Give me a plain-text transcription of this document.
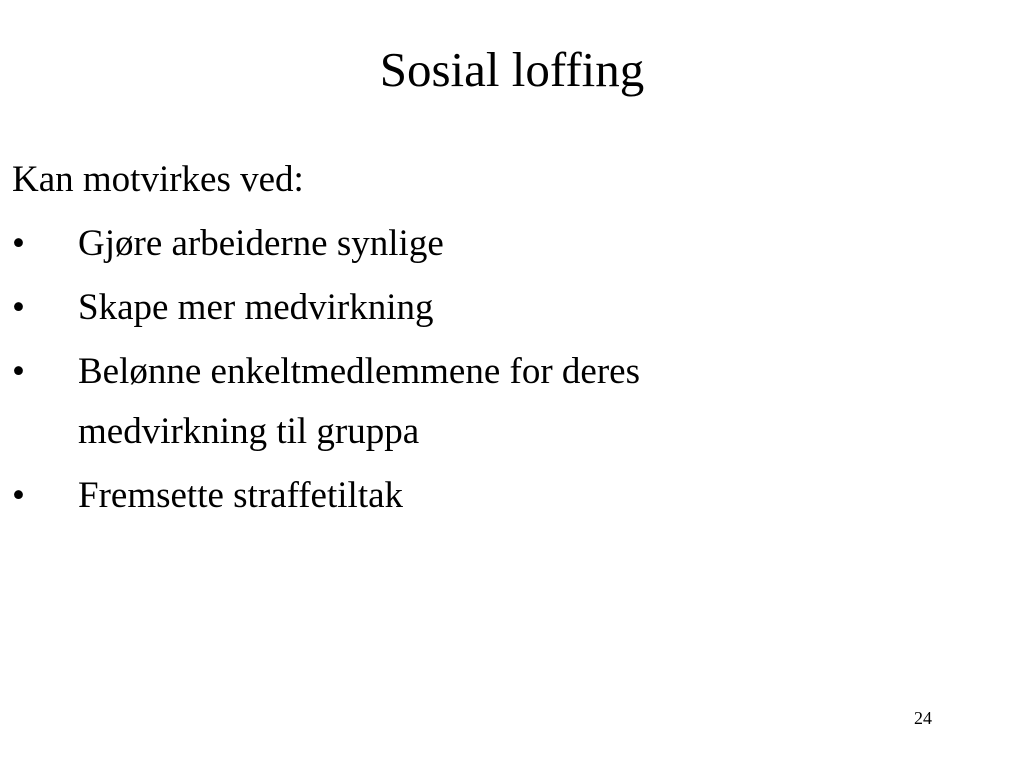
Sosial loffing
Kan motvirkes ved:
•	Gjøre arbeiderne synlige
•	Skape mer medvirkning
•	Belønne enkeltmedlemmene for deres medvirkning til gruppa
•	Fremsette straffetiltak
24
